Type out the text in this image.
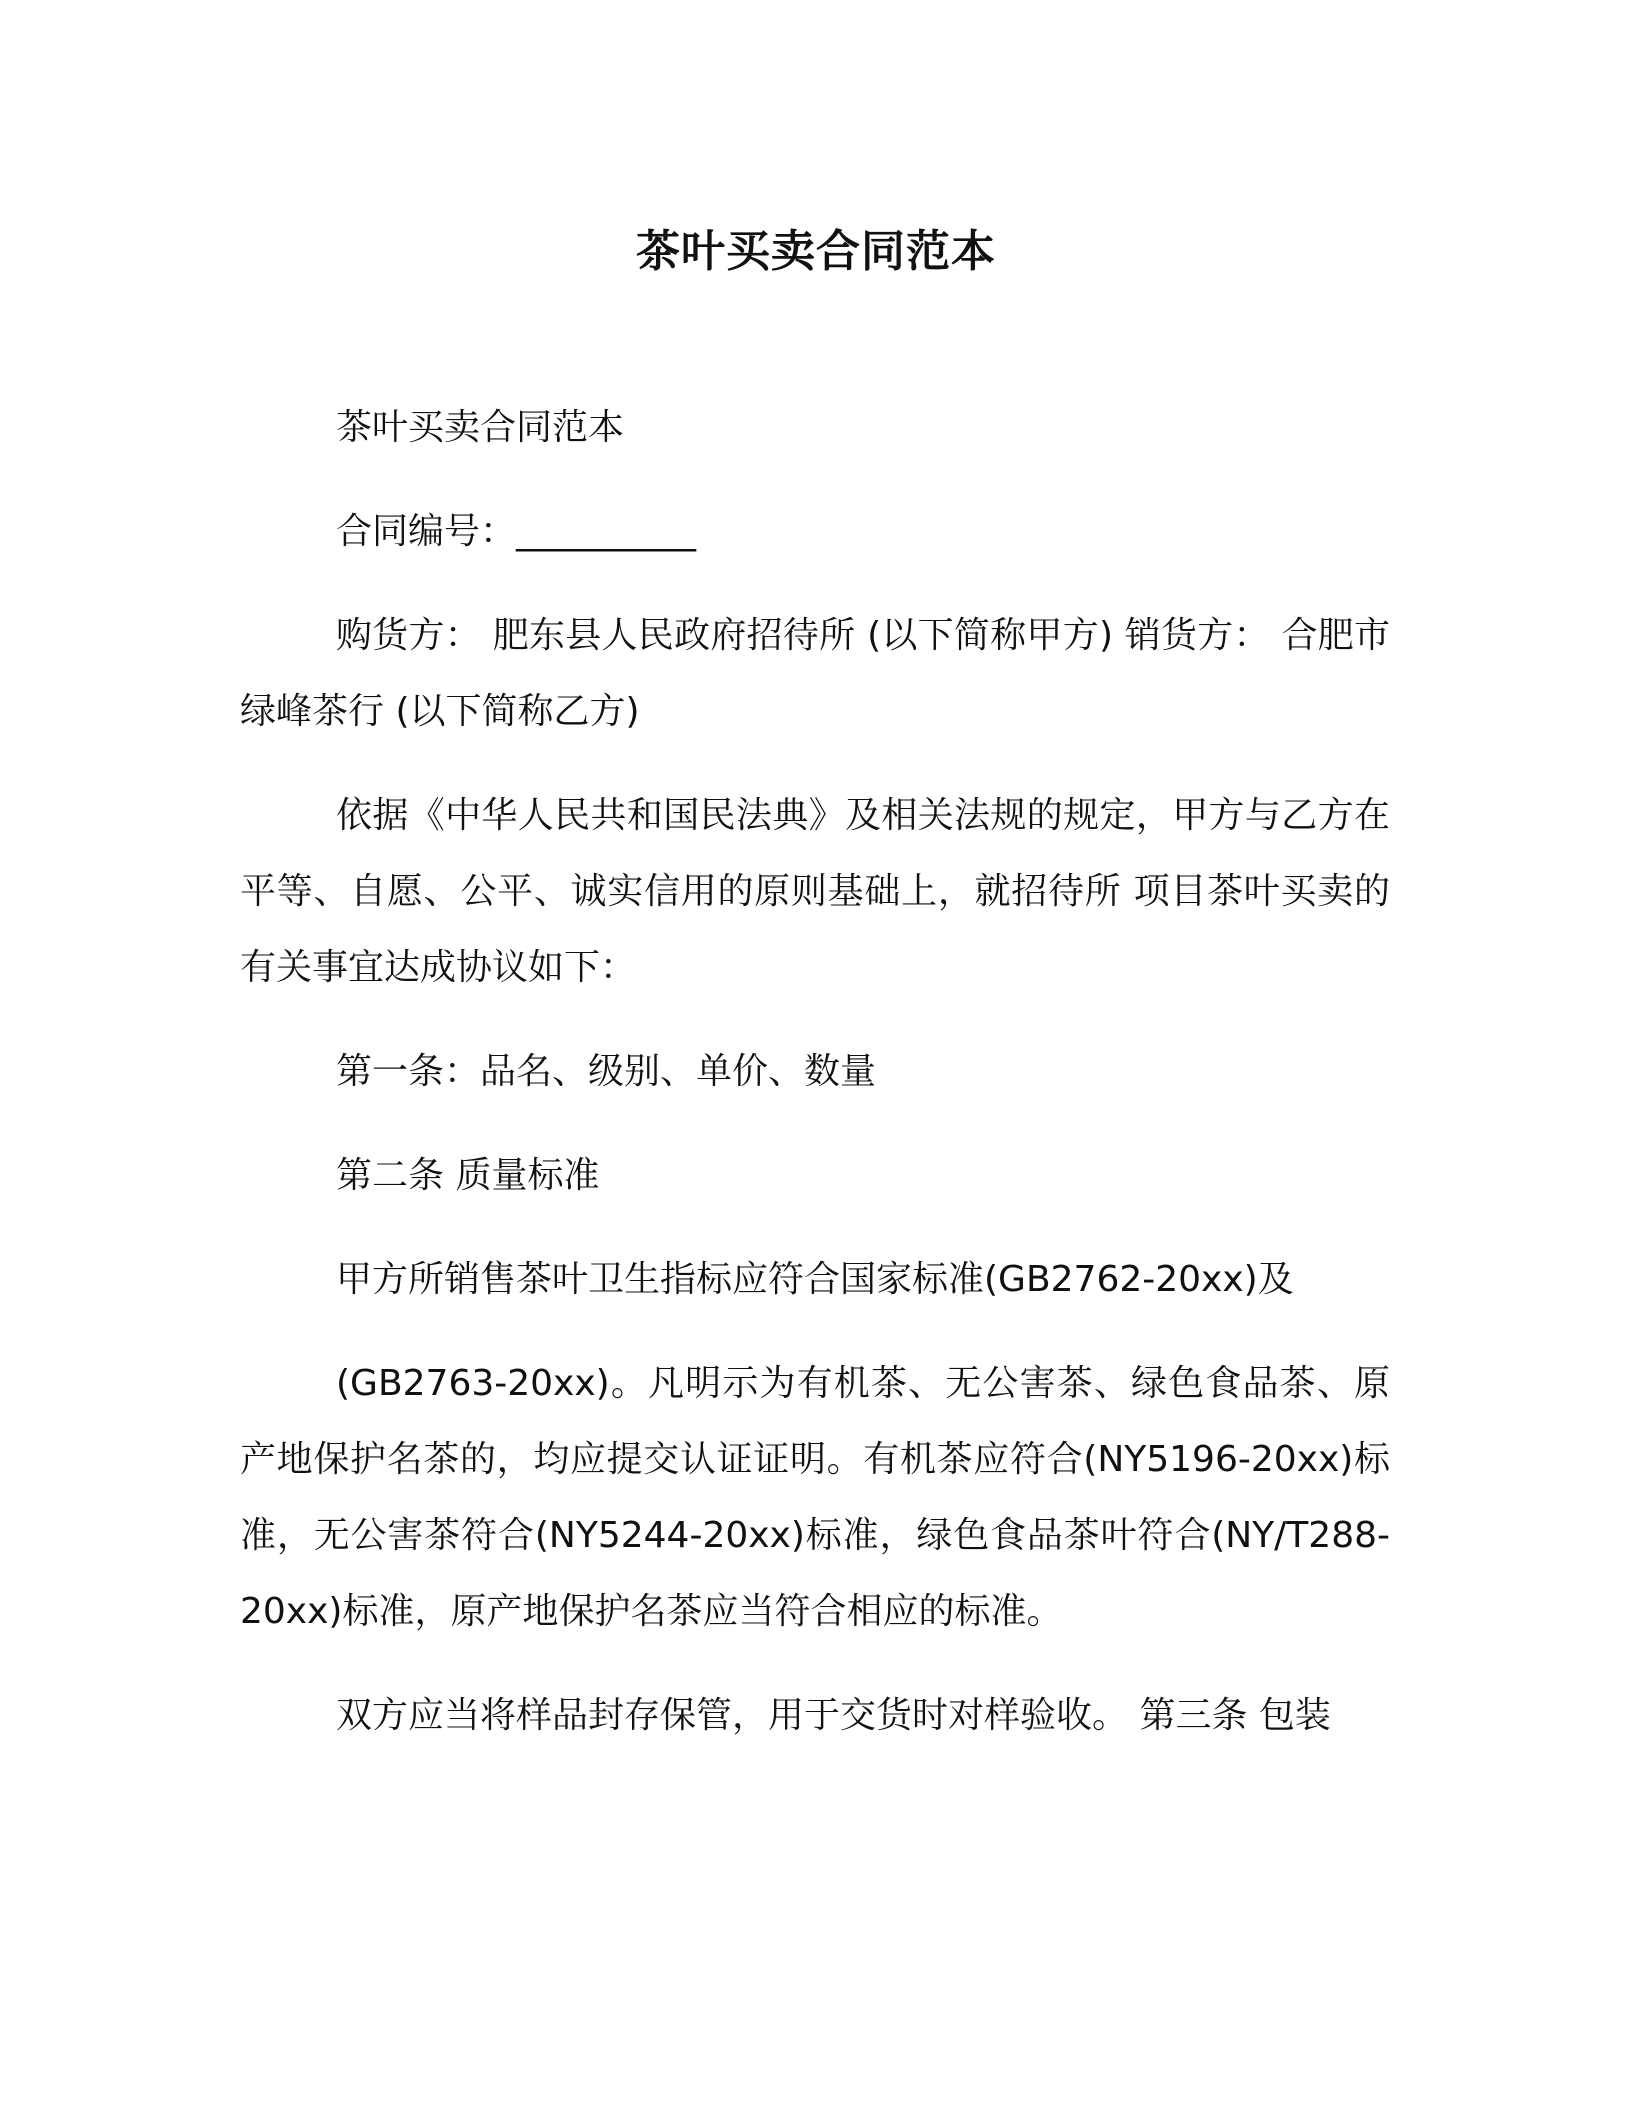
茶叶买卖合同范本

茶叶买卖合同范本

合同编号：__________

购货方： 肥东县人民政府招待所 (以下简称甲方) 销货方： 合肥市绿峰茶行 (以下简称乙方)

依据《中华人民共和国民法典》及相关法规的规定，甲方与乙方在平等、自愿、公平、诚实信用的原则基础上，就招待所 项目茶叶买卖的有关事宜达成协议如下：

第一条：品名、级别、单价、数量

第二条 质量标准

甲方所销售茶叶卫生指标应符合国家标准(GB2762-20xx)及

(GB2763-20xx)。凡明示为有机茶、无公害茶、绿色食品茶、原产地保护名茶的，均应提交认证证明。有机茶应符合(NY5196-20xx)标准，无公害茶符合(NY5244-20xx)标准，绿色食品茶叶符合(NY/T288-20xx)标准，原产地保护名茶应当符合相应的标准。

双方应当将样品封存保管，用于交货时对样验收。 第三条 包装
